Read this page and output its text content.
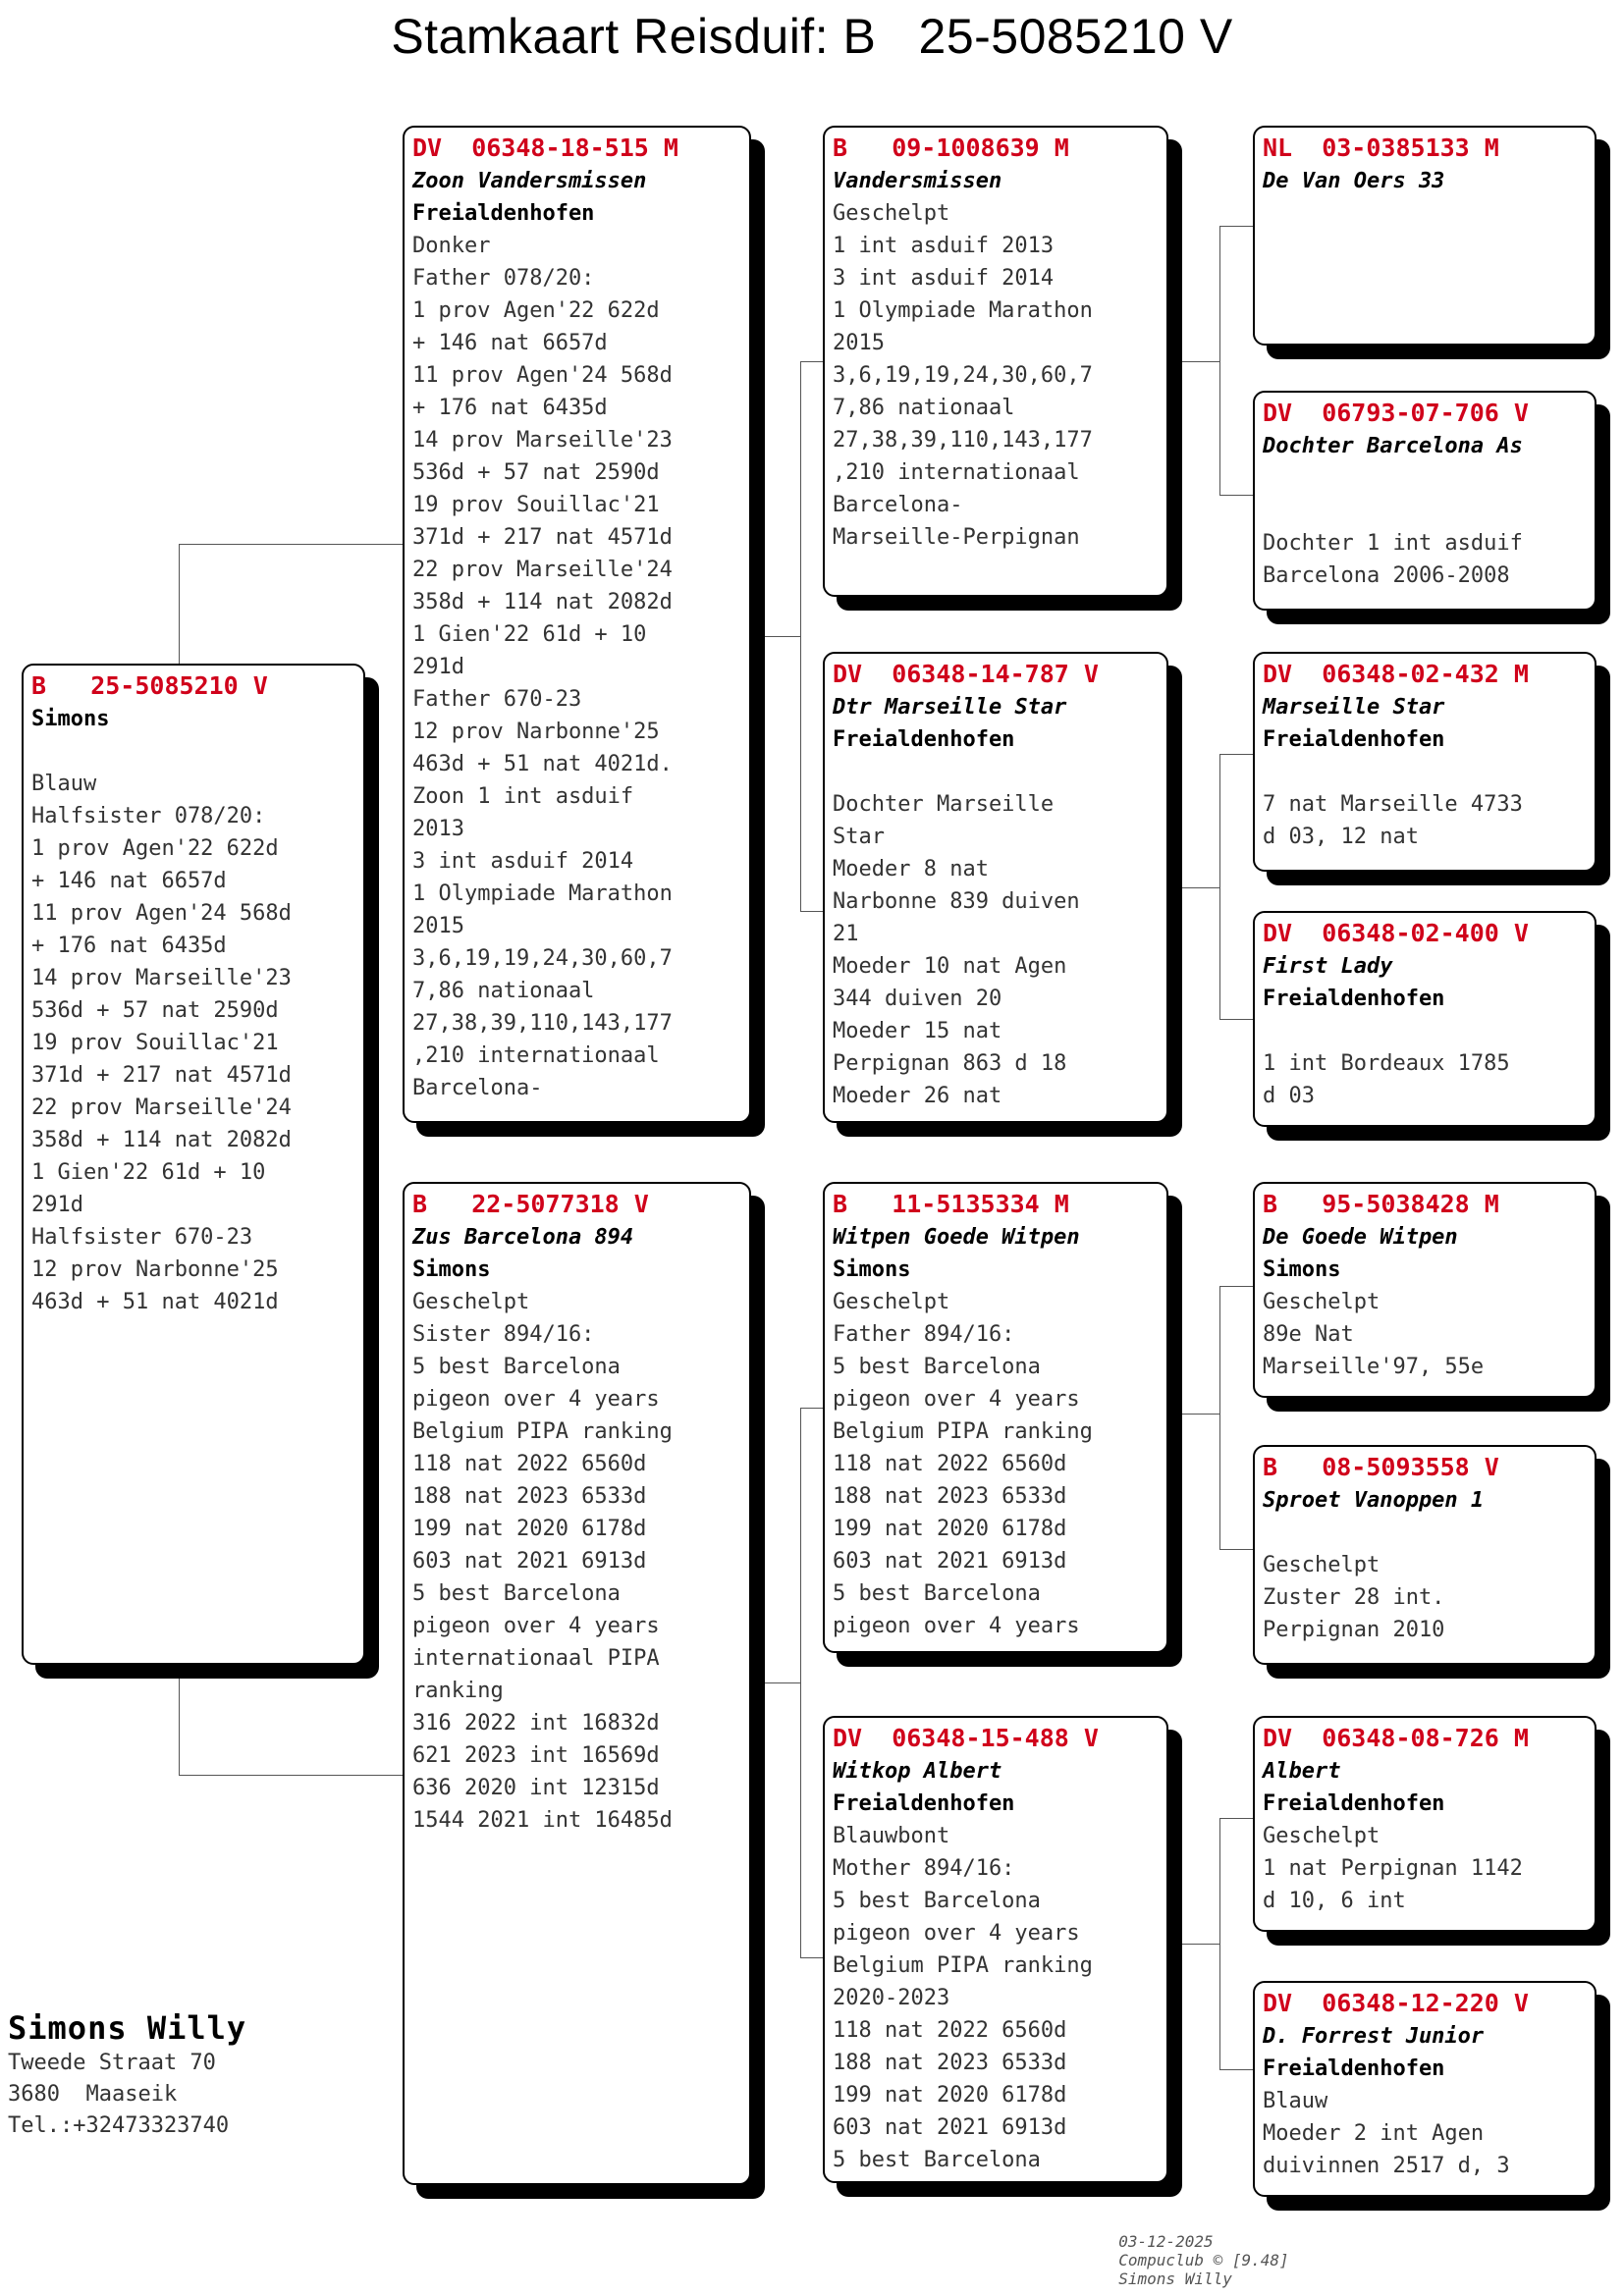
Stamkaart Reisduif: B   25-5085210 V
B   25-5085210 V
Simons
Blauw
Halfsister 078/20:
1 prov Agen'22 622d
+ 146 nat 6657d
11 prov Agen'24 568d
+ 176 nat 6435d
14 prov Marseille'23
536d + 57 nat 2590d
19 prov Souillac'21
371d + 217 nat 4571d
22 prov Marseille'24
358d + 114 nat 2082d
1 Gien'22 61d + 10
291d
Halfsister 670-23
12 prov Narbonne'25
463d + 51 nat 4021d
DV  06348-18-515 M
Zoon Vandersmissen
Freialdenhofen
Donker
Father 078/20:
1 prov Agen'22 622d
+ 146 nat 6657d
11 prov Agen'24 568d
+ 176 nat 6435d
14 prov Marseille'23
536d + 57 nat 2590d
19 prov Souillac'21
371d + 217 nat 4571d
22 prov Marseille'24
358d + 114 nat 2082d
1 Gien'22 61d + 10
291d
Father 670-23
12 prov Narbonne'25
463d + 51 nat 4021d.
Zoon 1 int asduif
2013
3 int asduif 2014
1 Olympiade Marathon
2015
3,6,19,19,24,30,60,7
7,86 nationaal
27,38,39,110,143,177
,210 internationaal
Barcelona-
B   22-5077318 V
Zus Barcelona 894
Simons
Geschelpt
Sister 894/16:
5 best Barcelona
pigeon over 4 years
Belgium PIPA ranking
118 nat 2022 6560d
188 nat 2023 6533d
199 nat 2020 6178d
603 nat 2021 6913d
5 best Barcelona
pigeon over 4 years
internationaal PIPA
ranking
316 2022 int 16832d
621 2023 int 16569d
636 2020 int 12315d
1544 2021 int 16485d
B   09-1008639 M
Vandersmissen
Geschelpt
1 int asduif 2013
3 int asduif 2014
1 Olympiade Marathon
2015
3,6,19,19,24,30,60,7
7,86 nationaal
27,38,39,110,143,177
,210 internationaal
Barcelona-
Marseille-Perpignan
DV  06348-14-787 V
Dtr Marseille Star
Freialdenhofen
Dochter Marseille
Star
Moeder 8 nat
Narbonne 839 duiven
21
Moeder 10 nat Agen
344 duiven 20
Moeder 15 nat
Perpignan 863 d 18
Moeder 26 nat
B   11-5135334 M
Witpen Goede Witpen
Simons
Geschelpt
Father 894/16:
5 best Barcelona
pigeon over 4 years
Belgium PIPA ranking
118 nat 2022 6560d
188 nat 2023 6533d
199 nat 2020 6178d
603 nat 2021 6913d
5 best Barcelona
pigeon over 4 years
DV  06348-15-488 V
Witkop Albert
Freialdenhofen
Blauwbont
Mother 894/16:
5 best Barcelona
pigeon over 4 years
Belgium PIPA ranking
2020-2023
118 nat 2022 6560d
188 nat 2023 6533d
199 nat 2020 6178d
603 nat 2021 6913d
5 best Barcelona
NL  03-0385133 M
De Van Oers 33
DV  06793-07-706 V
Dochter Barcelona As
Dochter 1 int asduif
Barcelona 2006-2008
DV  06348-02-432 M
Marseille Star
Freialdenhofen
7 nat Marseille 4733
d 03, 12 nat
DV  06348-02-400 V
First Lady
Freialdenhofen
1 int Bordeaux 1785
d 03
B   95-5038428 M
De Goede Witpen
Simons
Geschelpt
89e Nat
Marseille'97, 55e
B   08-5093558 V
Sproet Vanoppen 1
Geschelpt
Zuster 28 int.
Perpignan 2010
DV  06348-08-726 M
Albert
Freialdenhofen
Geschelpt
1 nat Perpignan 1142
d 10, 6 int
DV  06348-12-220 V
D. Forrest Junior
Freialdenhofen
Blauw
Moeder 2 int Agen
duivinnen 2517 d, 3
Simons Willy
Tweede Straat 70
3680  Maaseik
Tel.:+32473323740

03-12-2025
Compuclub © [9.48]
Simons Willy
